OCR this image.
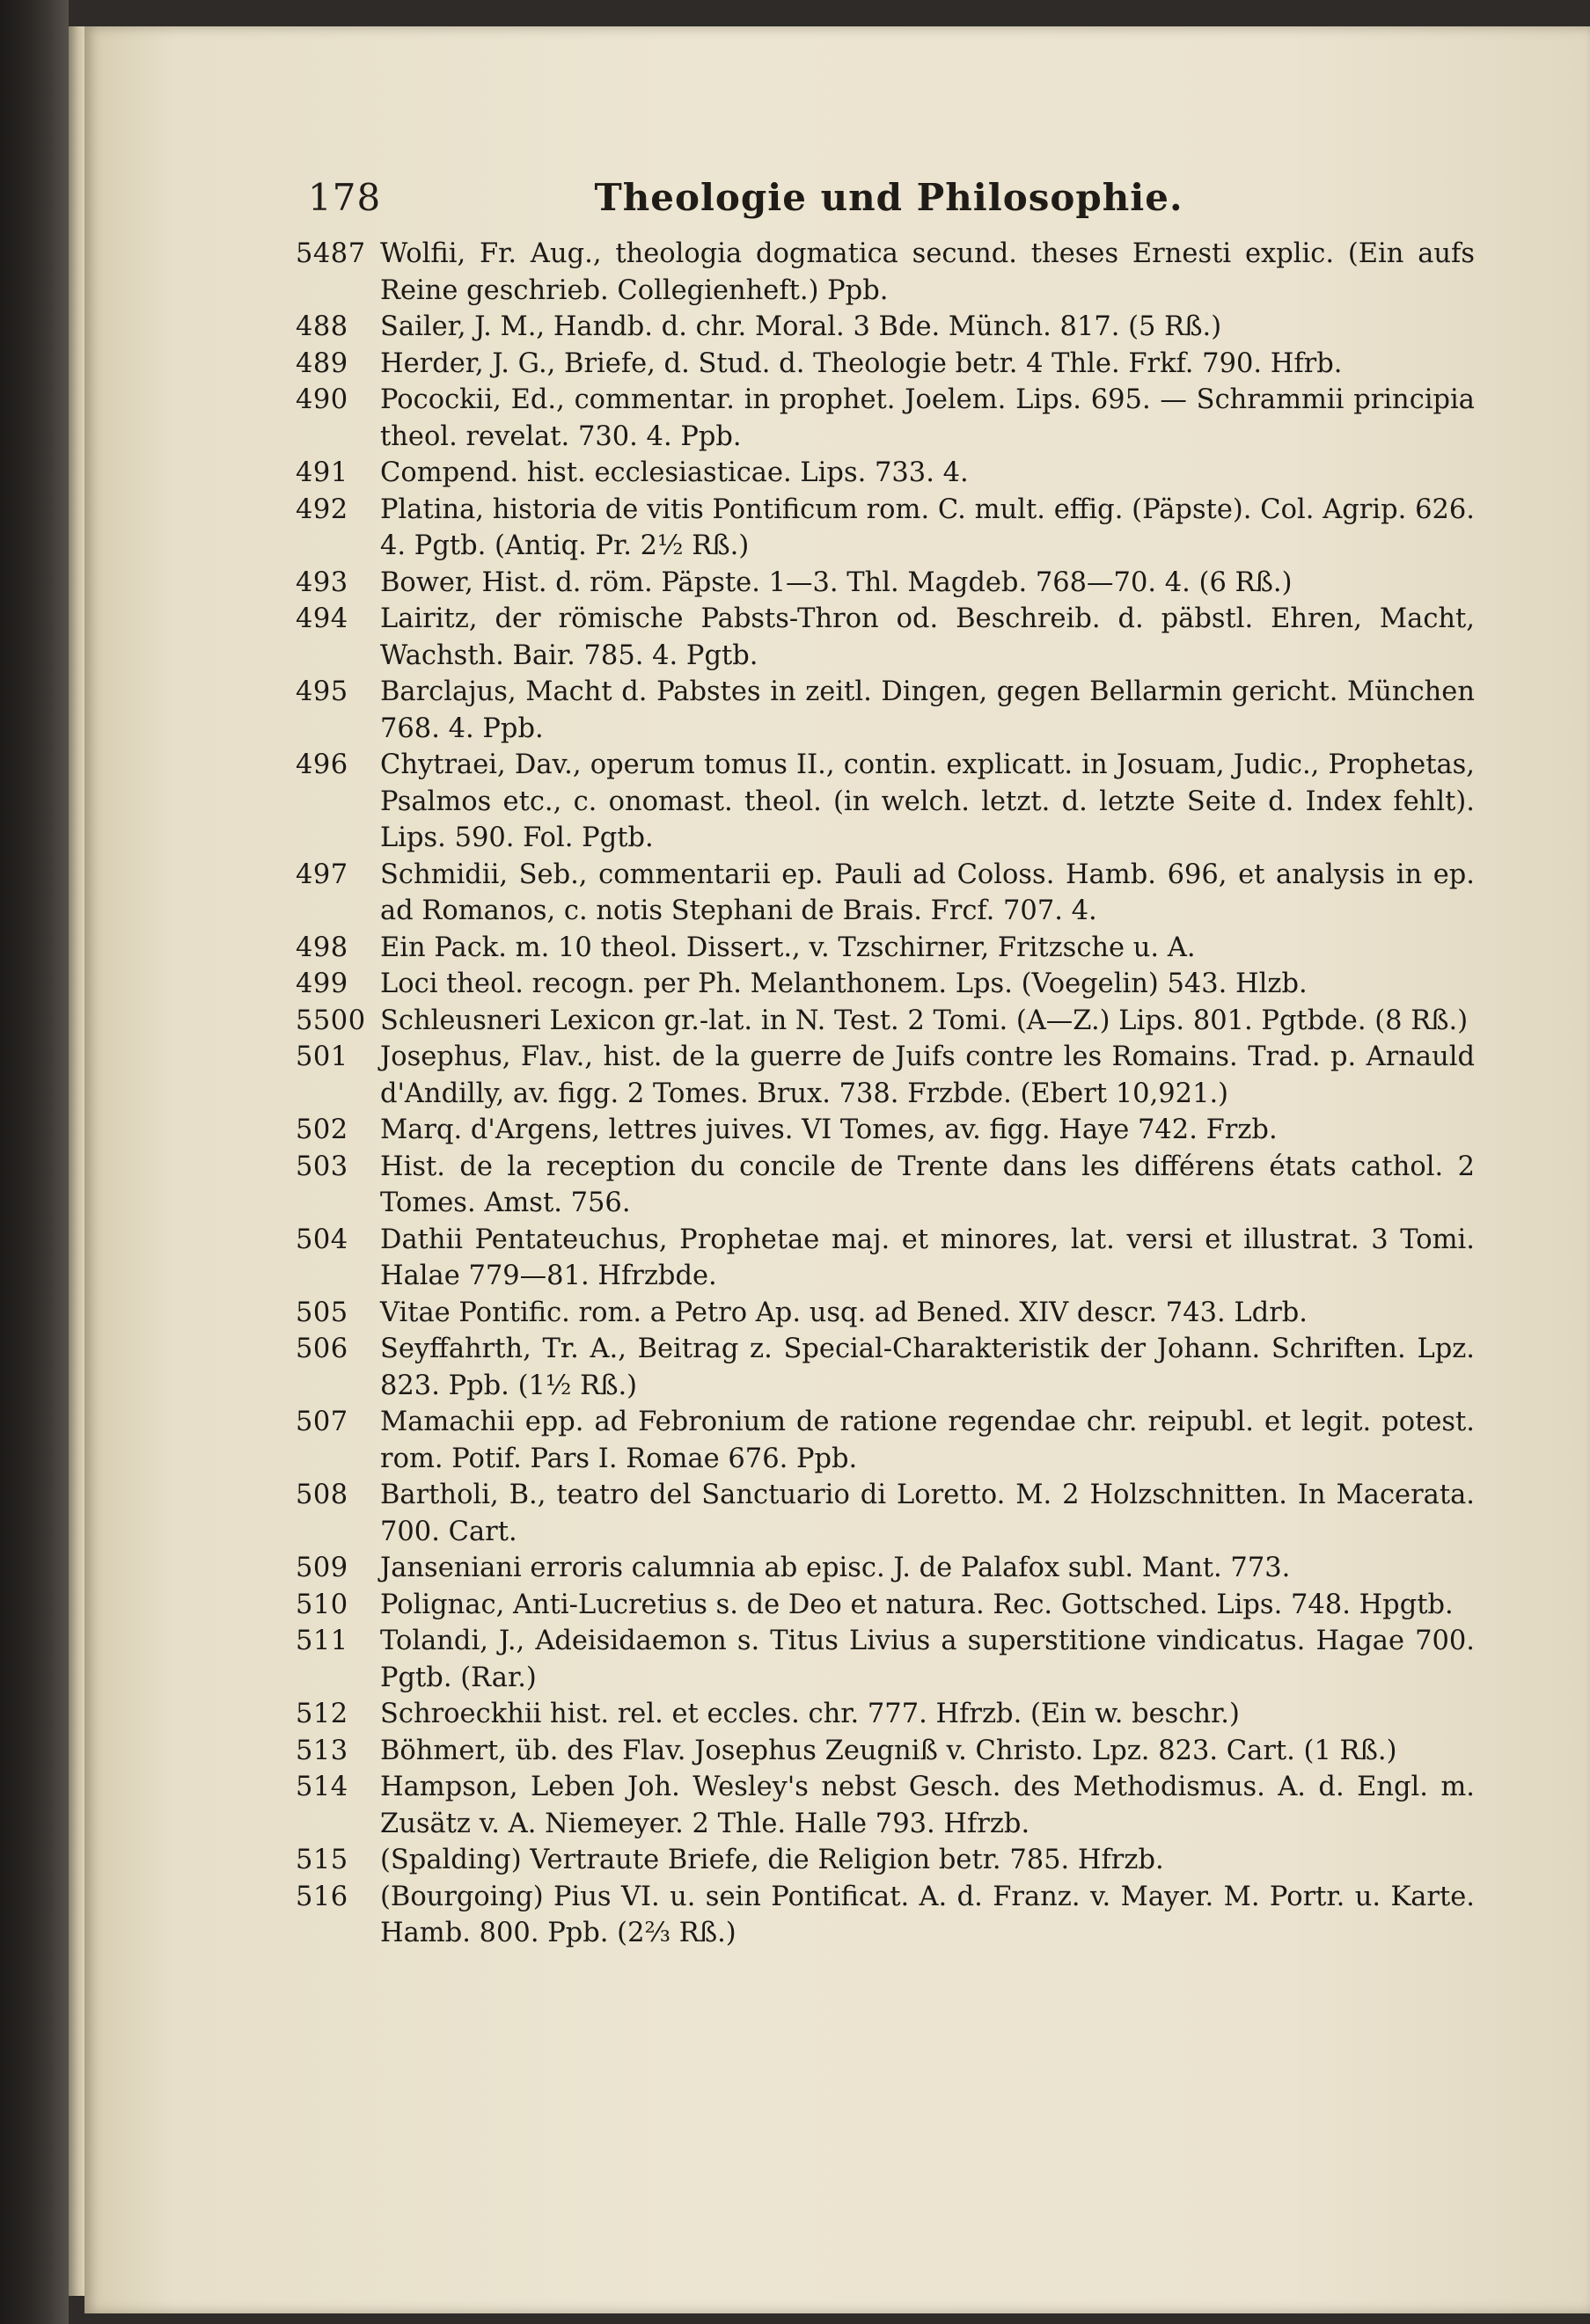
178	Theologie und Philosophie.
5487 Wolfii, Fr. Aug., theologia dogmatica secund. theses Ernesti explic. (Ein aufs Reine geschrieb. Collegienheft.) Ppb.
488	Sailer, J. M., Handb. d. chr. Moral. 3 Bde. Münch. 817. (5 Rß.)
489	Herder, J. G., Briefe, d. Stud. d. Theologie betr. 4 Thle. Frkf. 790. Hfrb.
490	Pocockii, Ed., commentar. in prophet. Joelem. Lips. 695. — Schrammii principia theol. revelat. 730. 4. Ppb.
491	Compend. hist. ecclesiasticae. Lips. 733. 4.
492	Platina, historia de vitis Pontificum rom. C. mult. effig. (Päpste). Col. Agrip. 626. 4. Pgtb. (Antiq. Pr. 2½ Rß.)
493	Bower, Hist. d. röm. Päpste. 1—3. Thl. Magdeb. 768—70. 4. (6 Rß.)
494	Lairitz, der römische Pabsts-Thron od. Beschreib. d. päbstl. Ehren, Macht, Wachsth. Bair. 785. 4. Pgtb.
495	Barclajus, Macht d. Pabstes in zeitl. Dingen, gegen Bellarmin gericht. München 768. 4. Ppb.
496	Chytraei, Dav., operum tomus II., contin. explicatt. in Josuam, Judic., Prophetas, Psalmos etc., c. onomast. theol. (in welch. letzt. d. letzte Seite d. Index fehlt). Lips. 590. Fol. Pgtb.
497	Schmidii, Seb., commentarii ep. Pauli ad Coloss. Hamb. 696, et analysis in ep. ad Romanos, c. notis Stephani de Brais. Frcf. 707. 4.
498	Ein Pack. m. 10 theol. Dissert., v. Tzschirner, Fritzsche u. A.
499	Loci theol. recogn. per Ph. Melanthonem. Lps. (Voegelin) 543. Hlzb.
5500 Schleusneri Lexicon gr.-lat. in N. Test. 2 Tomi. (A—Z.) Lips. 801. Pgtbde. (8 Rß.)
501	Josephus, Flav., hist. de la guerre de Juifs contre les Romains. Trad. p. Arnauld d'Andilly, av. figg. 2 Tomes. Brux. 738. Frzbde. (Ebert 10,921.)
502	Marq. d'Argens, lettres juives. VI Tomes, av. figg. Haye 742. Frzb.
503	Hist. de la reception du concile de Trente dans les différens états cathol. 2 Tomes. Amst. 756.
504	Dathii Pentateuchus, Prophetae maj. et minores, lat. versi et illustrat. 3 Tomi. Halae 779—81. Hfrzbde.
505	Vitae Pontific. rom. a Petro Ap. usq. ad Bened. XIV descr. 743. Ldrb.
506	Seyffahrth, Tr. A., Beitrag z. Special-Charakteristik der Johann. Schriften. Lpz. 823. Ppb. (1½ Rß.)
507	Mamachii epp. ad Febronium de ratione regendae chr. reipubl. et legit. potest. rom. Potif. Pars I. Romae 676. Ppb.
508	Bartholi, B., teatro del Sanctuario di Loretto. M. 2 Holzschnitten. In Macerata. 700. Cart.
509	Janseniani erroris calumnia ab episc. J. de Palafox subl. Mant. 773.
510	Polignac, Anti-Lucretius s. de Deo et natura. Rec. Gottsched. Lips. 748. Hpgtb.
511	Tolandi, J., Adeisidaemon s. Titus Livius a superstitione vindicatus. Hagae 700. Pgtb. (Rar.)
512	Schroeckhii hist. rel. et eccles. chr. 777. Hfrzb. (Ein w. beschr.)
513	Böhmert, üb. des Flav. Josephus Zeugniß v. Christo. Lpz. 823. Cart. (1 Rß.)
514	Hampson, Leben Joh. Wesley's nebst Gesch. des Methodismus. A. d. Engl. m. Zusätz v. A. Niemeyer. 2 Thle. Halle 793. Hfrzb.
515	(Spalding) Vertraute Briefe, die Religion betr. 785. Hfrzb.
516	(Bourgoing) Pius VI. u. sein Pontificat. A. d. Franz. v. Mayer. M. Portr. u. Karte. Hamb. 800. Ppb. (2⅔ Rß.)
